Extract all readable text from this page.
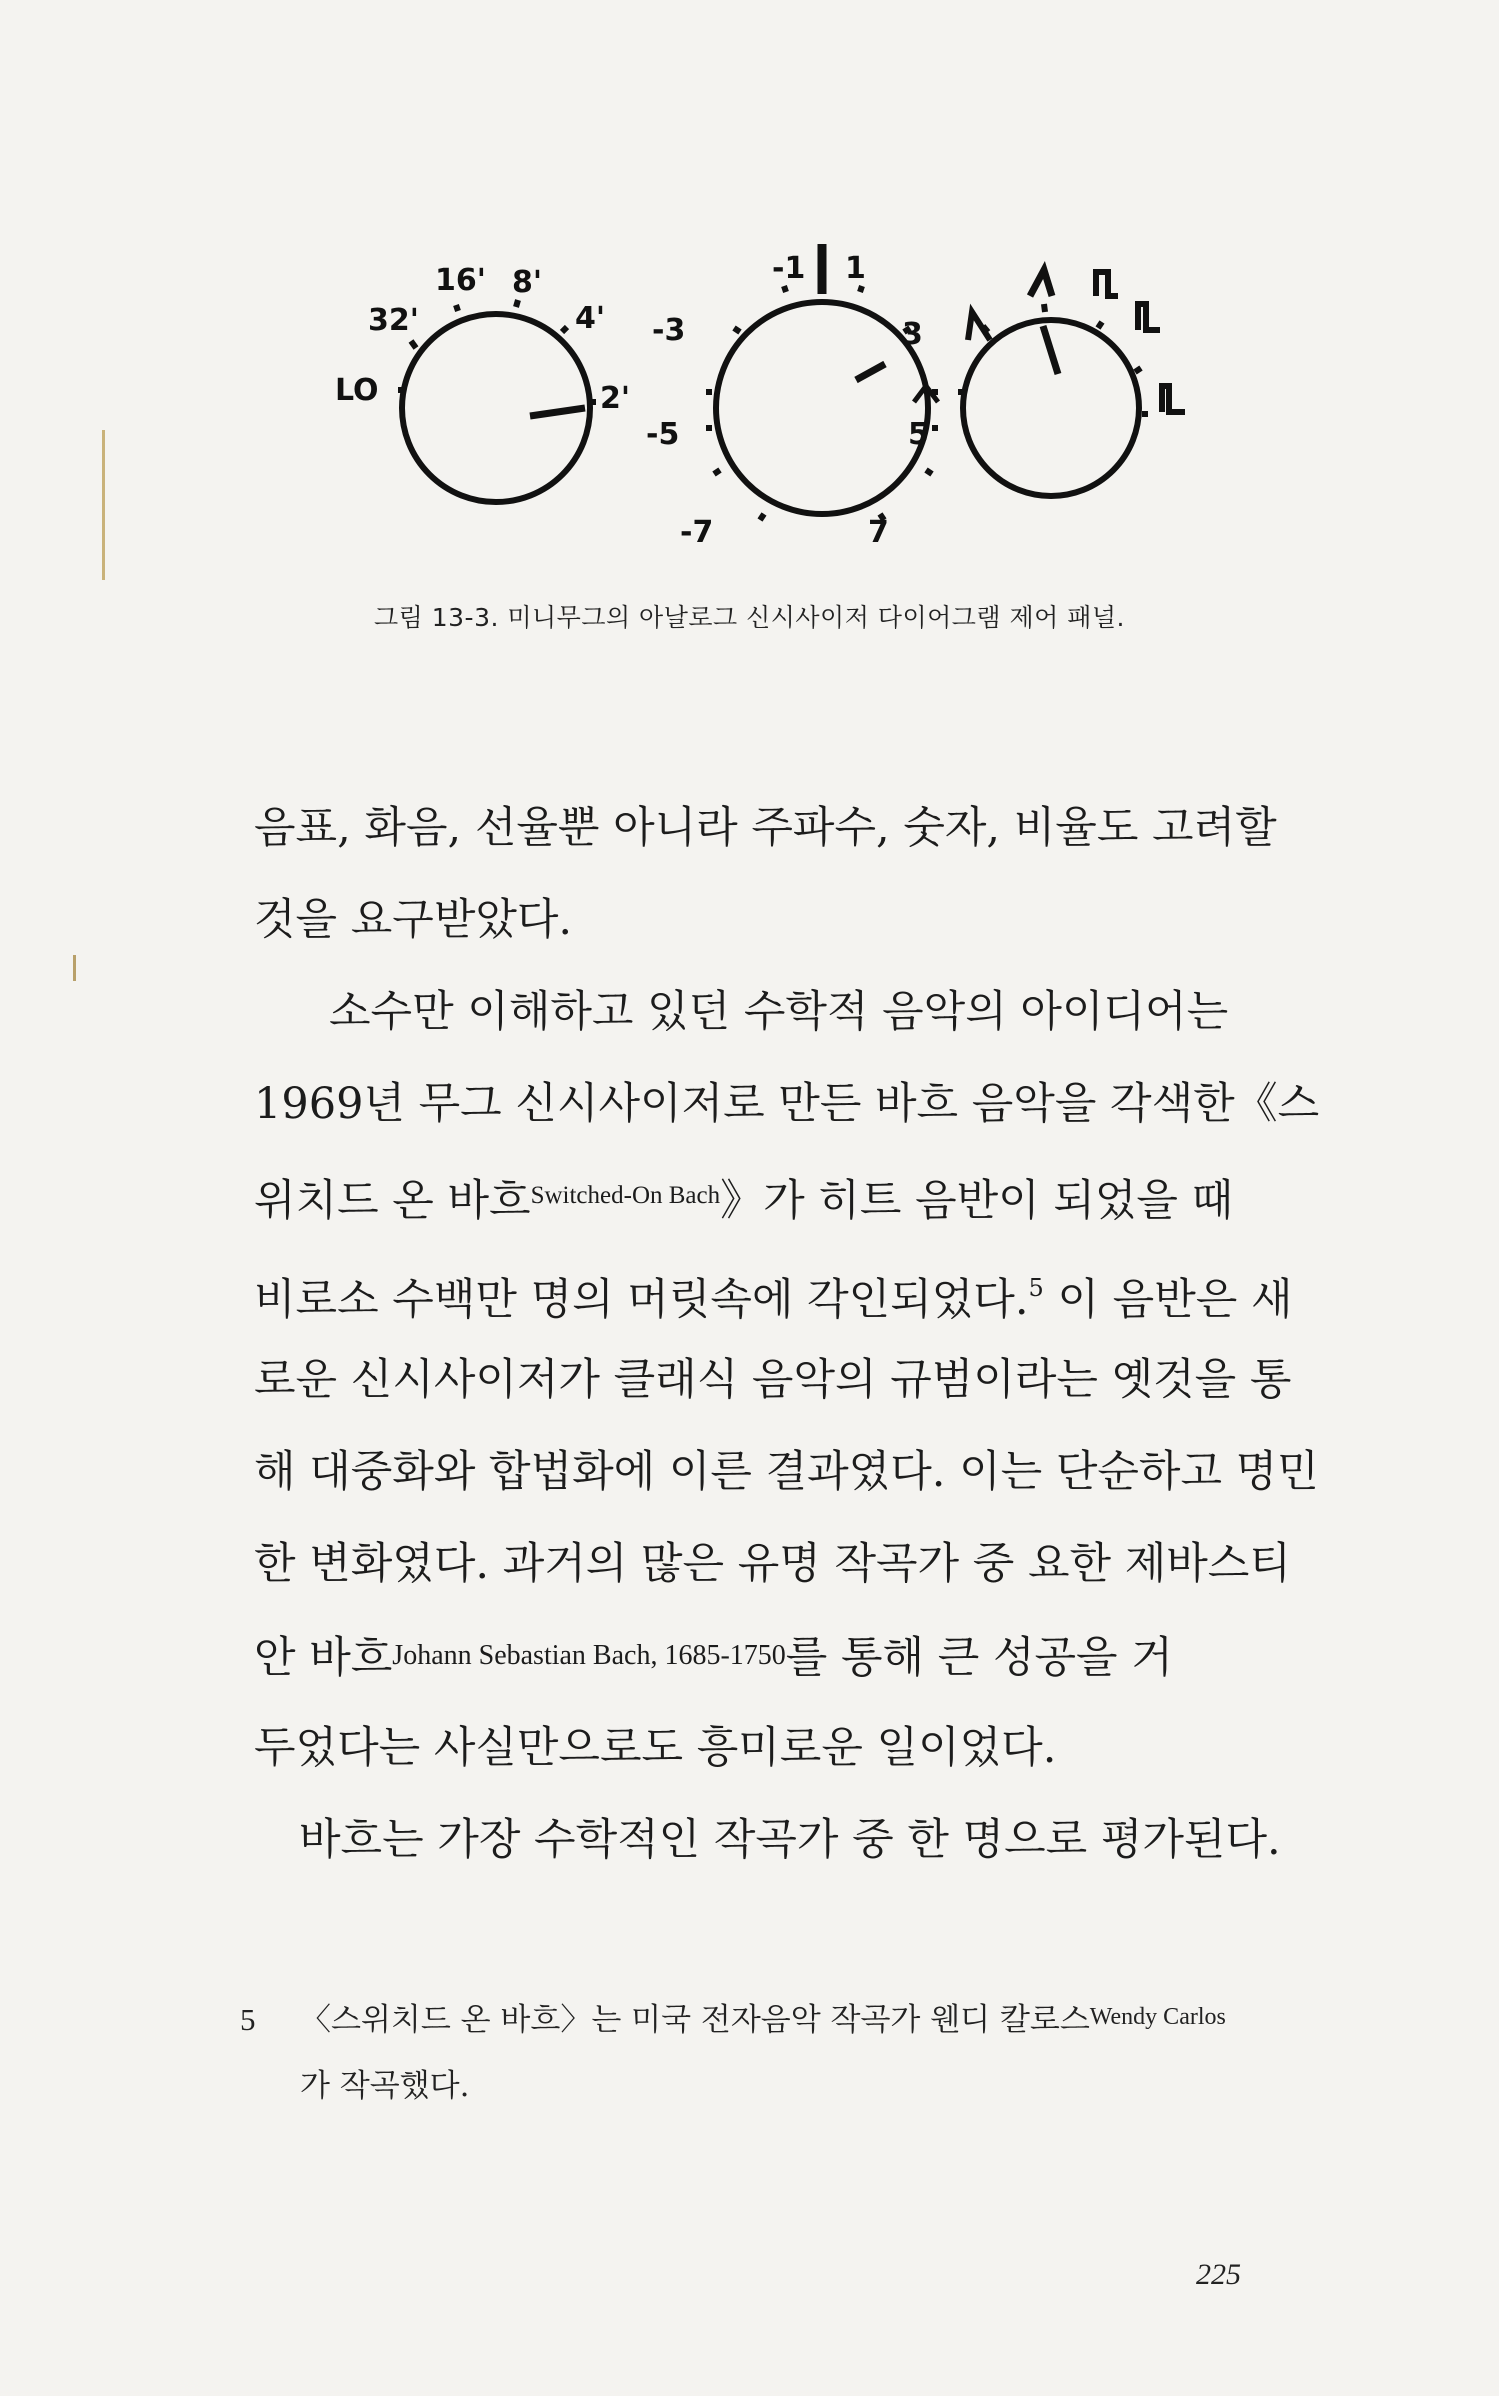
32'
16' 8'
4'
2'
LO
-1 1
-3	3
-5	5
-7	7
그림 13-3. 미니무그의 아날로그 신시사이저 다이어그램 제어 패널.
음표, 화음, 선율뿐 아니라 주파수, 숫자, 비율도 고려할
것을 요구받았다.
소수만 이해하고 있던 수학적 음악의 아이디어는
1969년 무그 신시사이저로 만든 바흐 음악을 각색한《스
위치드 온 바흐$^{Switched-On Bach}$》가 히트 음반이 되었을 때
비로소 수백만 명의 머릿속에 각인되었다.$^5$ 이 음반은 새
로운 신시사이저가 클래식 음악의 규범이라는 옛것을 통
해 대중화와 합법화에 이른 결과였다. 이는 단순하고 명민
한 변화였다. 과거의 많은 유명 작곡가 중 요한 제바스티
안 바흐Johann Sebastian Bach, 1685-1750를 통해 큰 성공을 거
두었다는 사실만으로도 흥미로운 일이었다.
바흐는 가장 수학적인 작곡가 중 한 명으로 평가된다.
5 〈스위치드 온 바흐〉는 미국 전자음악 작곡가 웬디 칼로스Wendy Carlos
가 작곡했다.
225
